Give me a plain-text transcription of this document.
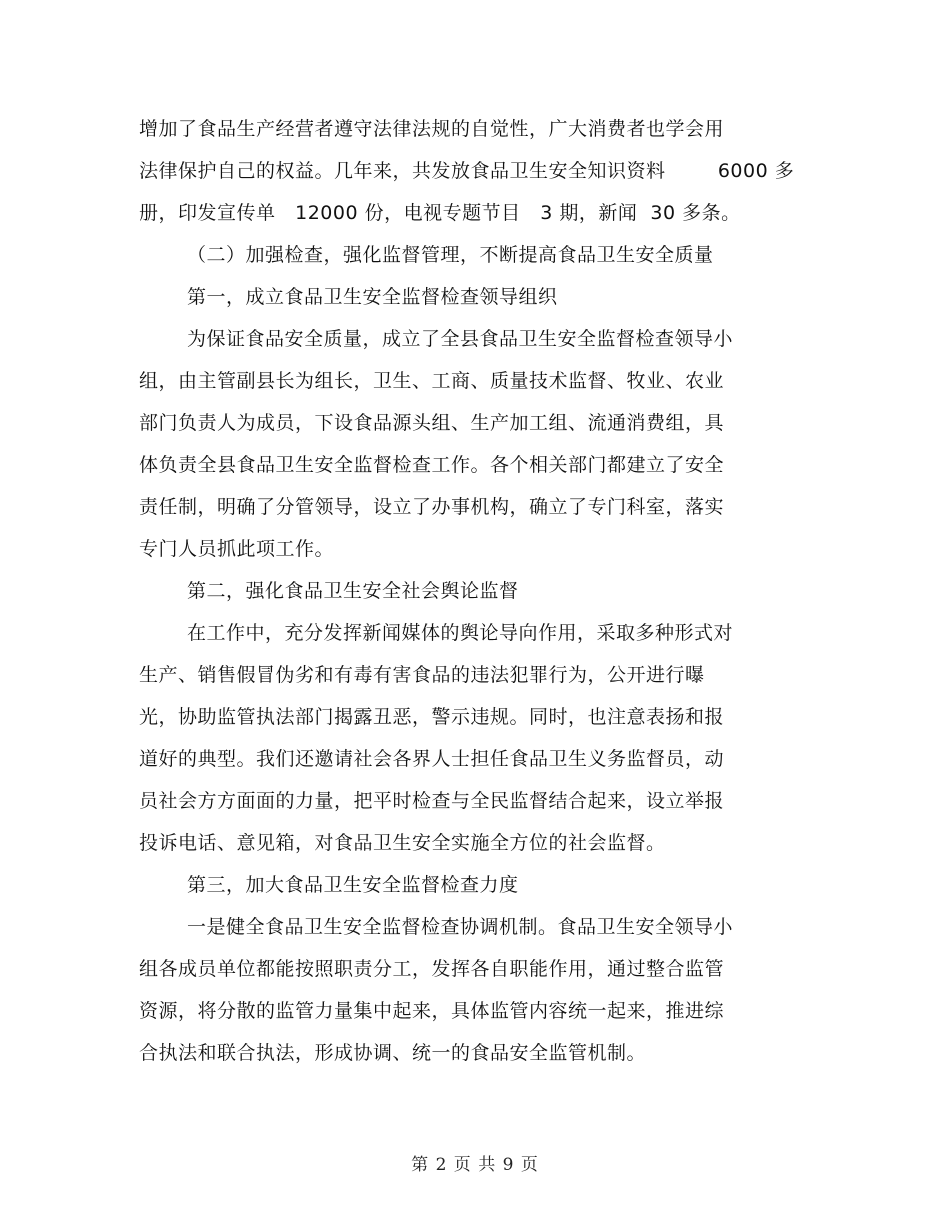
增加了食品生产经营者遵守法律法规的自觉性，广大消费者也学会用
法律保护自己的权益。几年来，共发放食品卫生安全知识资料        6000 多
册，印发宣传单   12000 份，电视专题节目   3 期，新闻  30 多条。
（二）加强检查，强化监督管理，不断提高食品卫生安全质量
第一，成立食品卫生安全监督检查领导组织
为保证食品安全质量，成立了全县食品卫生安全监督检查领导小
组，由主管副县长为组长，卫生、工商、质量技术监督、牧业、农业
部门负责人为成员，下设食品源头组、生产加工组、流通消费组，具
体负责全县食品卫生安全监督检查工作。各个相关部门都建立了安全
责任制，明确了分管领导，设立了办事机构，确立了专门科室，落实
专门人员抓此项工作。
第二，强化食品卫生安全社会舆论监督
在工作中，充分发挥新闻媒体的舆论导向作用，采取多种形式对
生产、销售假冒伪劣和有毒有害食品的违法犯罪行为，公开进行曝
光，协助监管执法部门揭露丑恶，警示违规。同时，也注意表扬和报
道好的典型。我们还邀请社会各界人士担任食品卫生义务监督员，动
员社会方方面面的力量，把平时检查与全民监督结合起来，设立举报
投诉电话、意见箱，对食品卫生安全实施全方位的社会监督。
第三，加大食品卫生安全监督检查力度
一是健全食品卫生安全监督检查协调机制。食品卫生安全领导小
组各成员单位都能按照职责分工，发挥各自职能作用，通过整合监管
资源，将分散的监管力量集中起来，具体监管内容统一起来，推进综
合执法和联合执法，形成协调、统一的食品安全监管机制。
第 2 页 共 9 页
